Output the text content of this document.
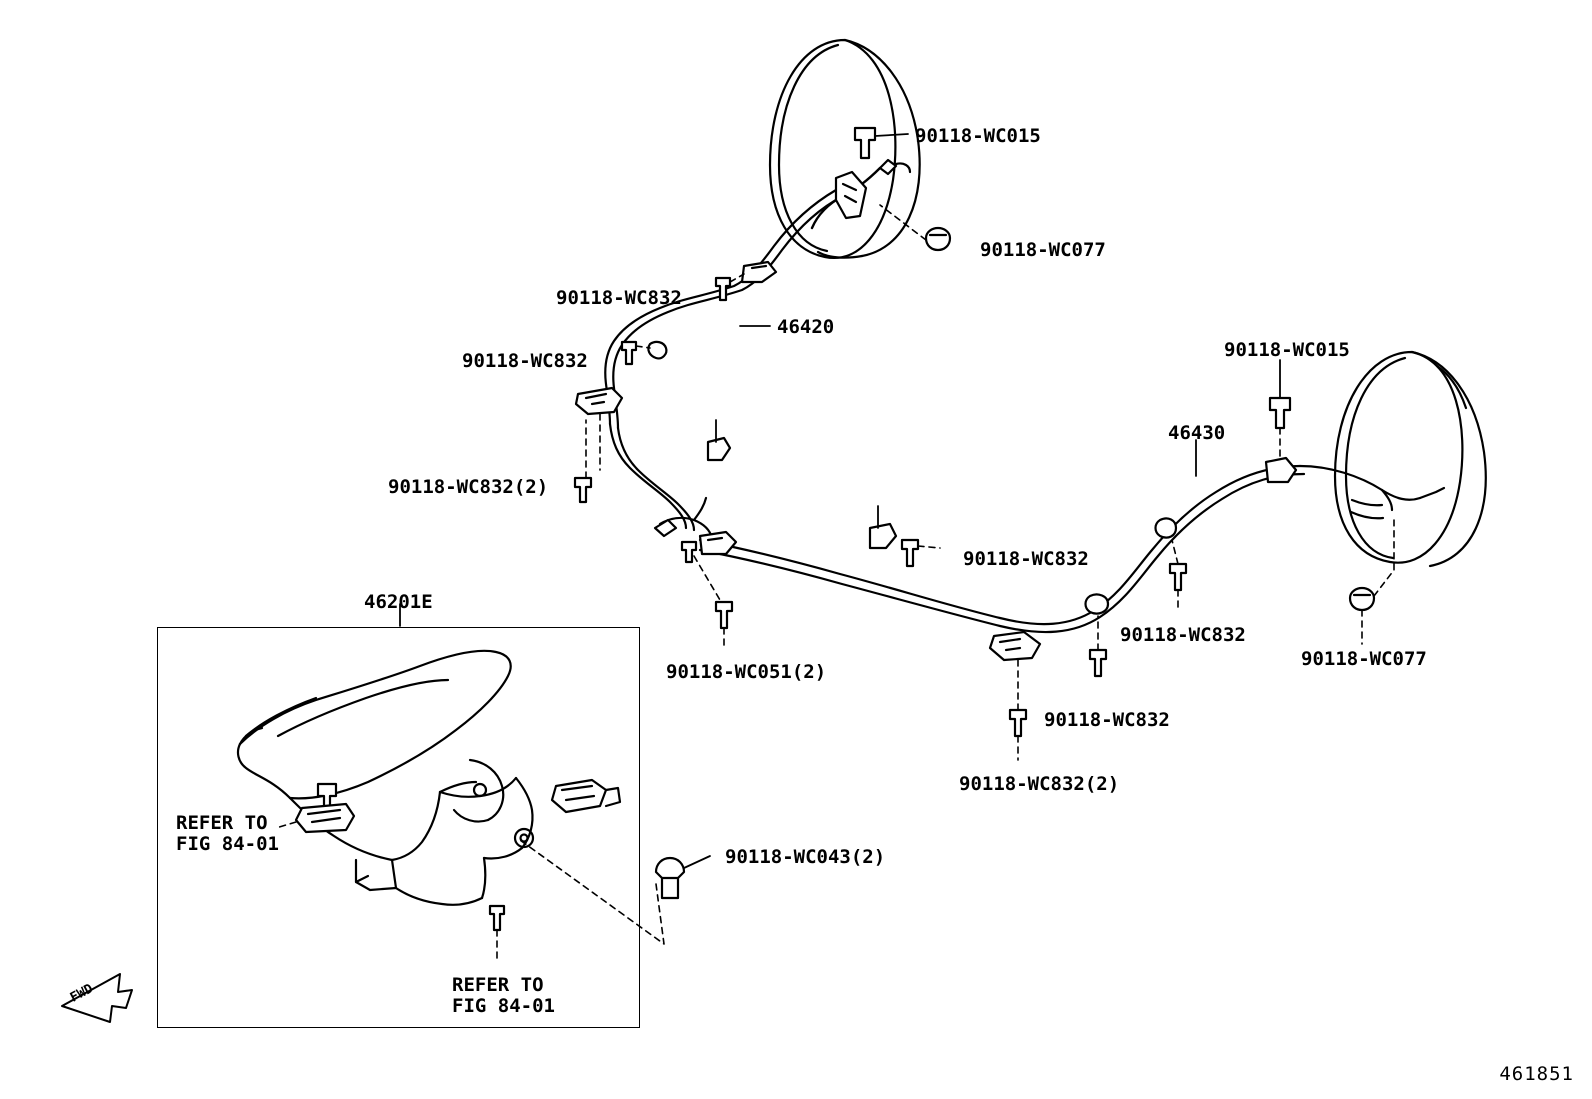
90118-WC015
90118-WC077
90118-WC832
46420
90118-WC832
90118-WC832(2)
90118-WC015
46430
90118-WC832
90118-WC832
90118-WC077
90118-WC051(2)
90118-WC832
90118-WC832(2)
90118-WC043(2)
46201E
REFER TO
FIG 84-01
REFER TO
FIG 84-01
FWD
461851
